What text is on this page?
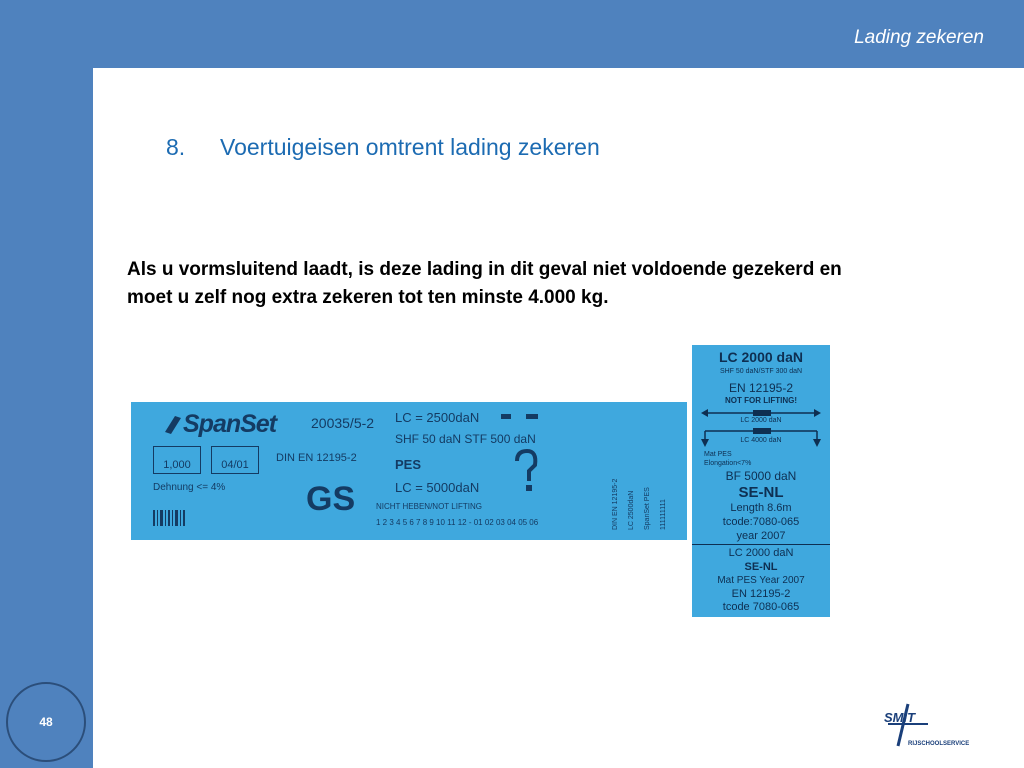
Lading zekeren
48
8. Voertuigeisen omtrent lading zekeren
Als u vormsluitend laadt, is deze lading in dit geval niet voldoende gezekerd en moet u zelf nog extra zekeren tot ten minste 4.000 kg.
SpanSet 20035/5-2 LC = 2500daN
SHF 50 daN STF 500 daN
PES
LC = 5000daN
DIN EN 12195-2
1,000	04/01
Dehnung <= 4% GS	NICHT HEBEN/NOT LIFTING
1 2 3 4 5 6 7 8 9 10 11 12 - 01 02 03 04 05 06	DIN EN 12195-2 LC 2500daN SpanSet PES 111111111
LC 2000 daN
SHF 50 daN/STF 300 daN
EN 12195-2
NOT FOR LIFTING!
LC 2000 daN
LC 4000 daN
Mat PES
Elongation<7%
BF 5000 daN
SE-NL
Length 8.6m
tcode:7080-065
year 2007
LC 2000 daN
SE-NL
Mat PES Year 2007
EN 12195-2
tcode 7080-065
SMIT
RIJSCHOOLSERVICE
